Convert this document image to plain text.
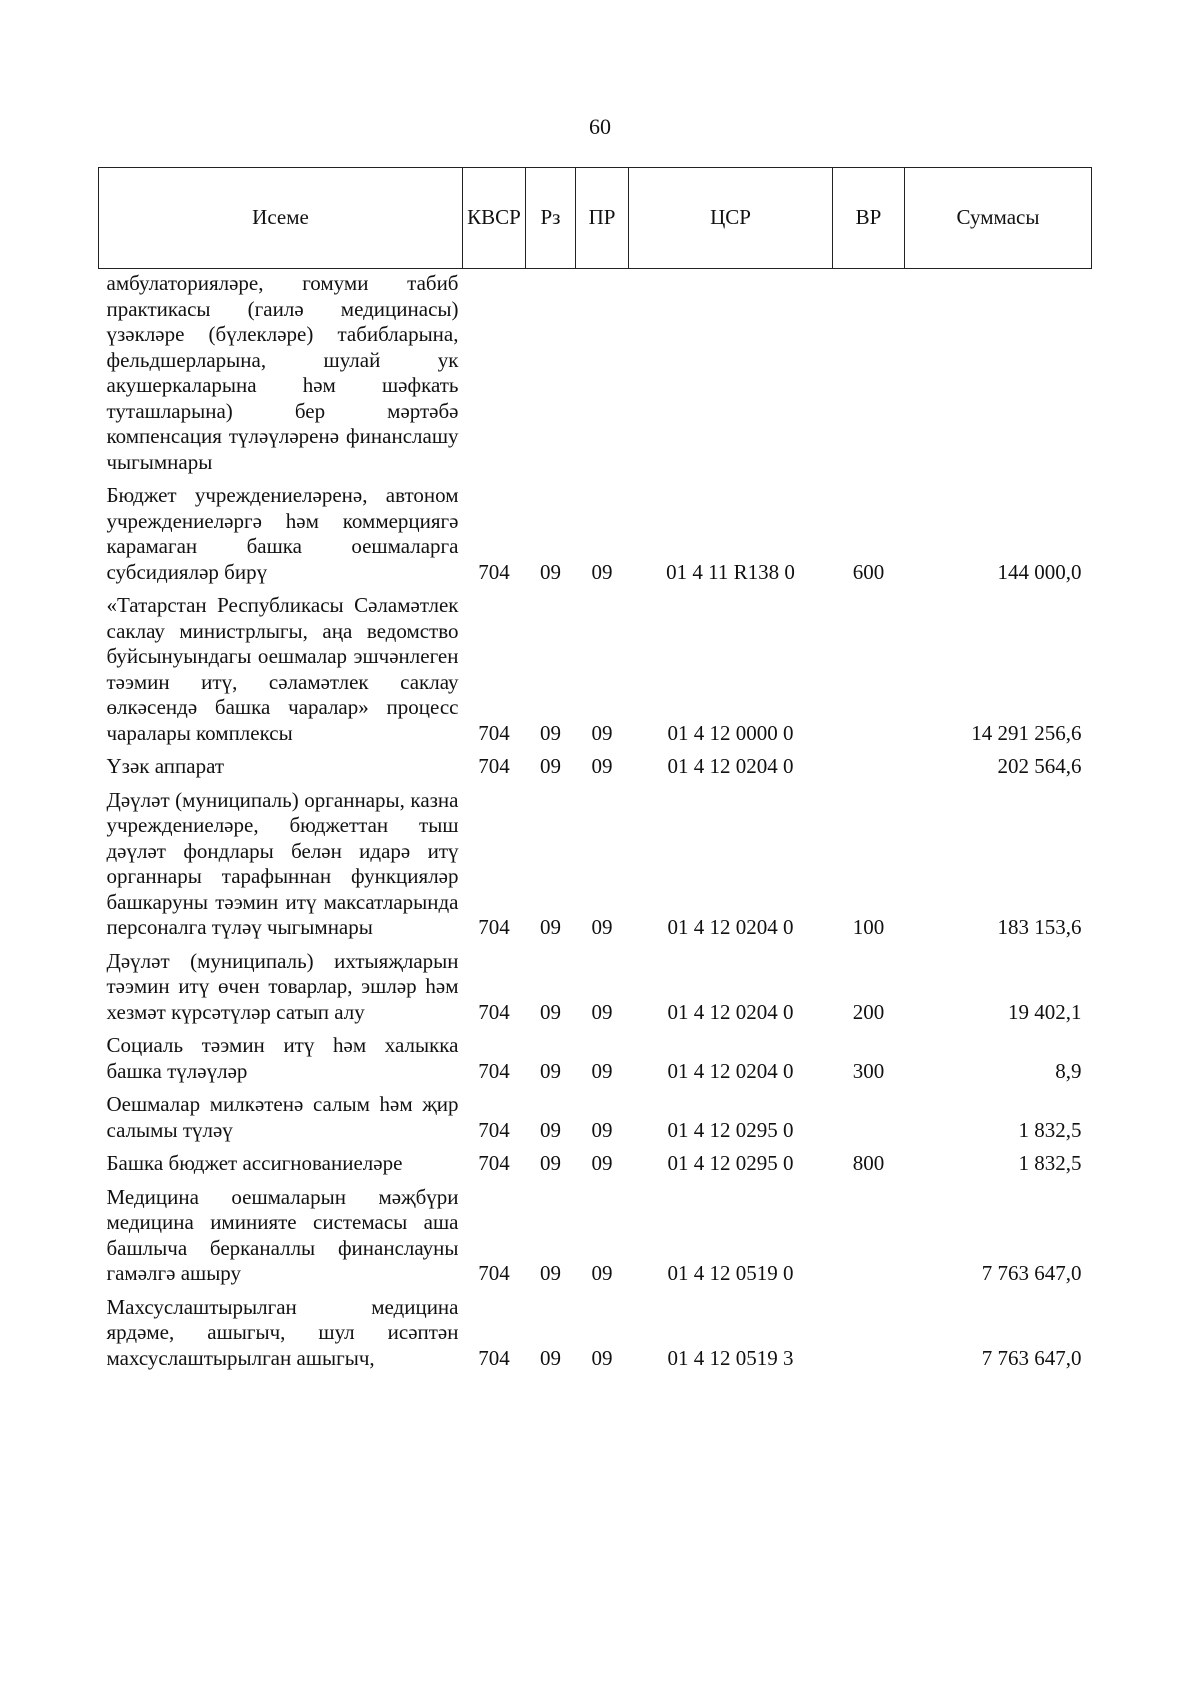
60
Исеме	КВСР	Рз	ПР	ЦСР	ВР	Суммасы
амбулаторияләре, гомуми табиб практикасы (гаилә медицинасы) үзәкләре (бүлекләре) табибларына, фельдшерларына, шулай ук акушеркаларына һәм шәфкать туташларына) бер мәртәбә компенсация түләүләренә финанслашу чыгымнары						
Бюджет учреждениеләренә, автоном учреждениеләргә һәм коммерциягә карамаган башка оешмаларга субсидияләр бирү	704	09	09	01 4 11 R138 0	600	144 000,0
«Татарстан Республикасы Сәламәтлек саклау министрлыгы, аңа ведомство буйсынуындагы оешмалар эшчәнлеген тәэмин итү, сәламәтлек саклау өлкәсендә башка чаралар» процесс чаралары комплексы	704	09	09	01 4 12 0000 0		14 291 256,6
Үзәк аппарат	704	09	09	01 4 12 0204 0		202 564,6
Дәүләт (муниципаль) органнары, казна учреждениеләре, бюджеттан тыш дәүләт фондлары белән идарә итү органнары тарафыннан функцияләр башкаруны тәэмин итү максатларында персоналга түләү чыгымнары	704	09	09	01 4 12 0204 0	100	183 153,6
Дәүләт (муниципаль) ихтыяҗларын тәэмин итү өчен товарлар, эшләр һәм хезмәт күрсәтүләр сатып алу	704	09	09	01 4 12 0204 0	200	19 402,1
Социаль тәэмин итү һәм халыкка башка түләүләр	704	09	09	01 4 12 0204 0	300	8,9
Оешмалар милкәтенә салым һәм җир салымы түләү	704	09	09	01 4 12 0295 0		1 832,5
Башка бюджет ассигнованиеләре	704	09	09	01 4 12 0295 0	800	1 832,5
Медицина оешмаларын мәҗбүри медицина иминияте системасы аша башлыча берканаллы финанслауны гамәлгә ашыру	704	09	09	01 4 12 0519 0		7 763 647,0
Махсуслаштырылган медицина ярдәме, ашыгыч, шул исәптән махсуслаштырылган ашыгыч,	704	09	09	01 4 12 0519 3		7 763 647,0
